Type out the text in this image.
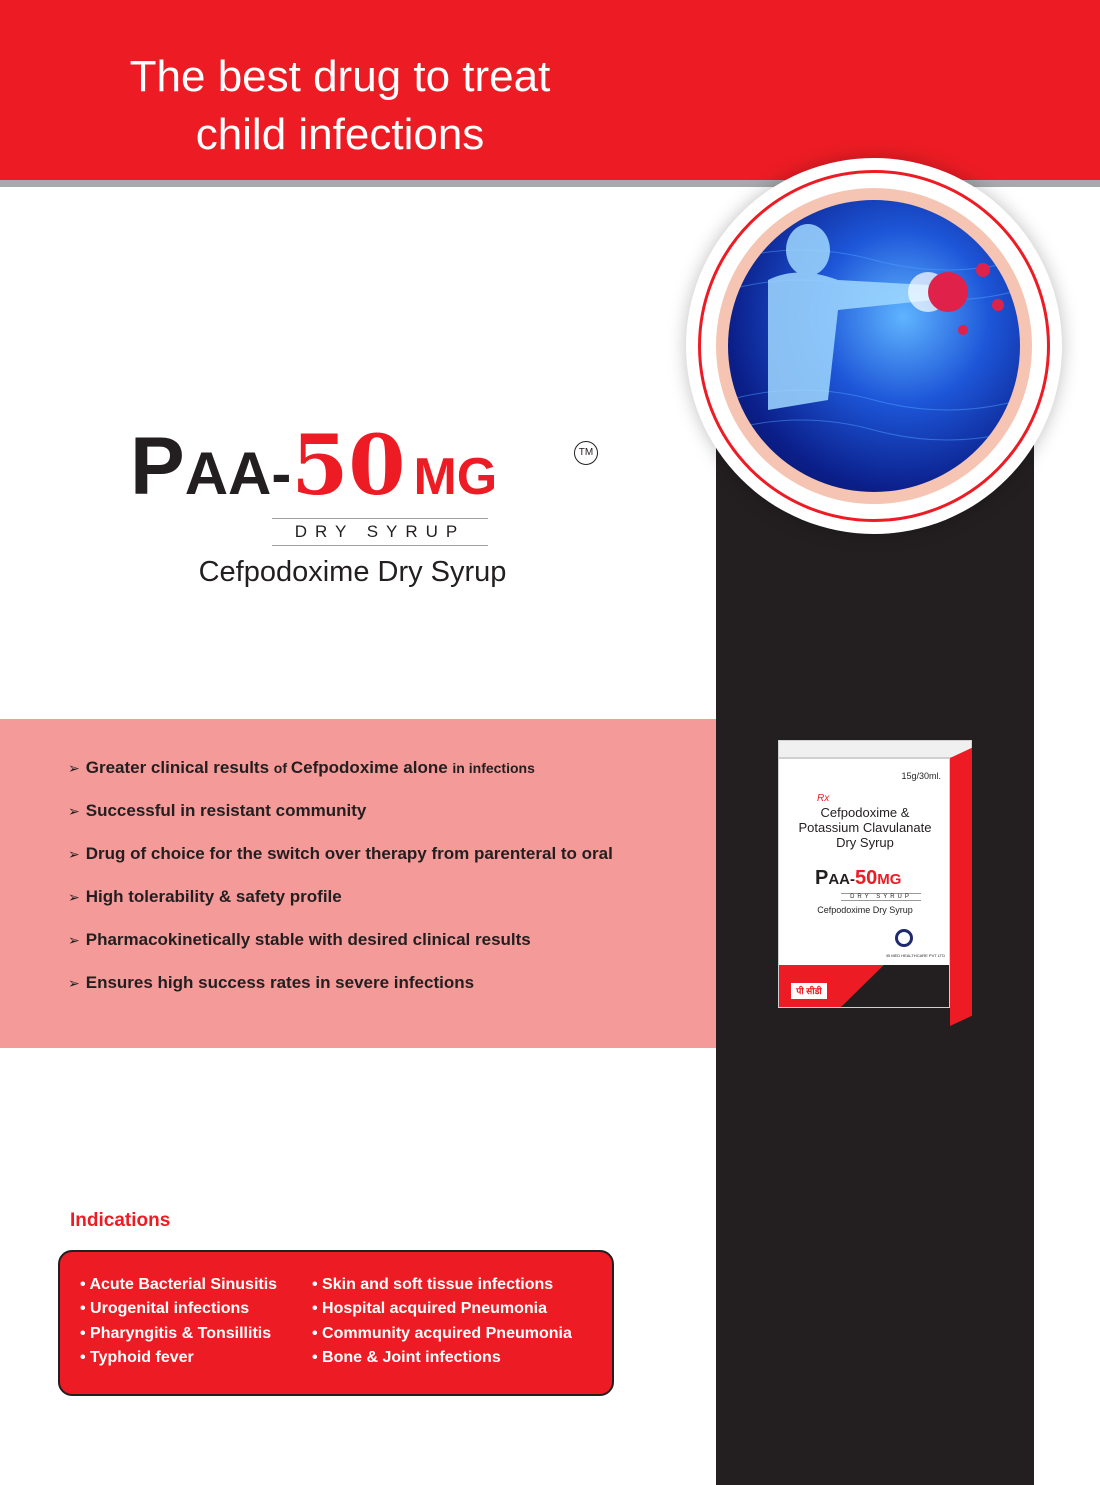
The best drug to treat
child infections
PAA-50 MG	TM
DRY SYRUP
Cefpodoxime Dry Syrup
➢ Greater clinical results of Cefpodoxime alone in infections
➢ Successful in resistant community
➢ Drug of choice for the switch over therapy from parenteral to oral
➢ High tolerability & safety profile
➢ Pharmacokinetically stable with desired clinical results
➢ Ensures high success rates in severe infections
15g/30ml.
Rx
Cefpodoxime &
Potassium Clavulanate
Dry Syrup
PAA-50MG
DRY SYRUP
Cefpodoxime Dry Syrup
IB MED HEALTHCARE PVT LTD
पी सीडी
Indications
• Acute Bacterial Sinusitis
• Urogenital infections
• Pharyngitis & Tonsillitis
• Typhoid fever
• Skin and soft tissue infections
• Hospital acquired Pneumonia
• Community acquired Pneumonia
• Bone & Joint infections
